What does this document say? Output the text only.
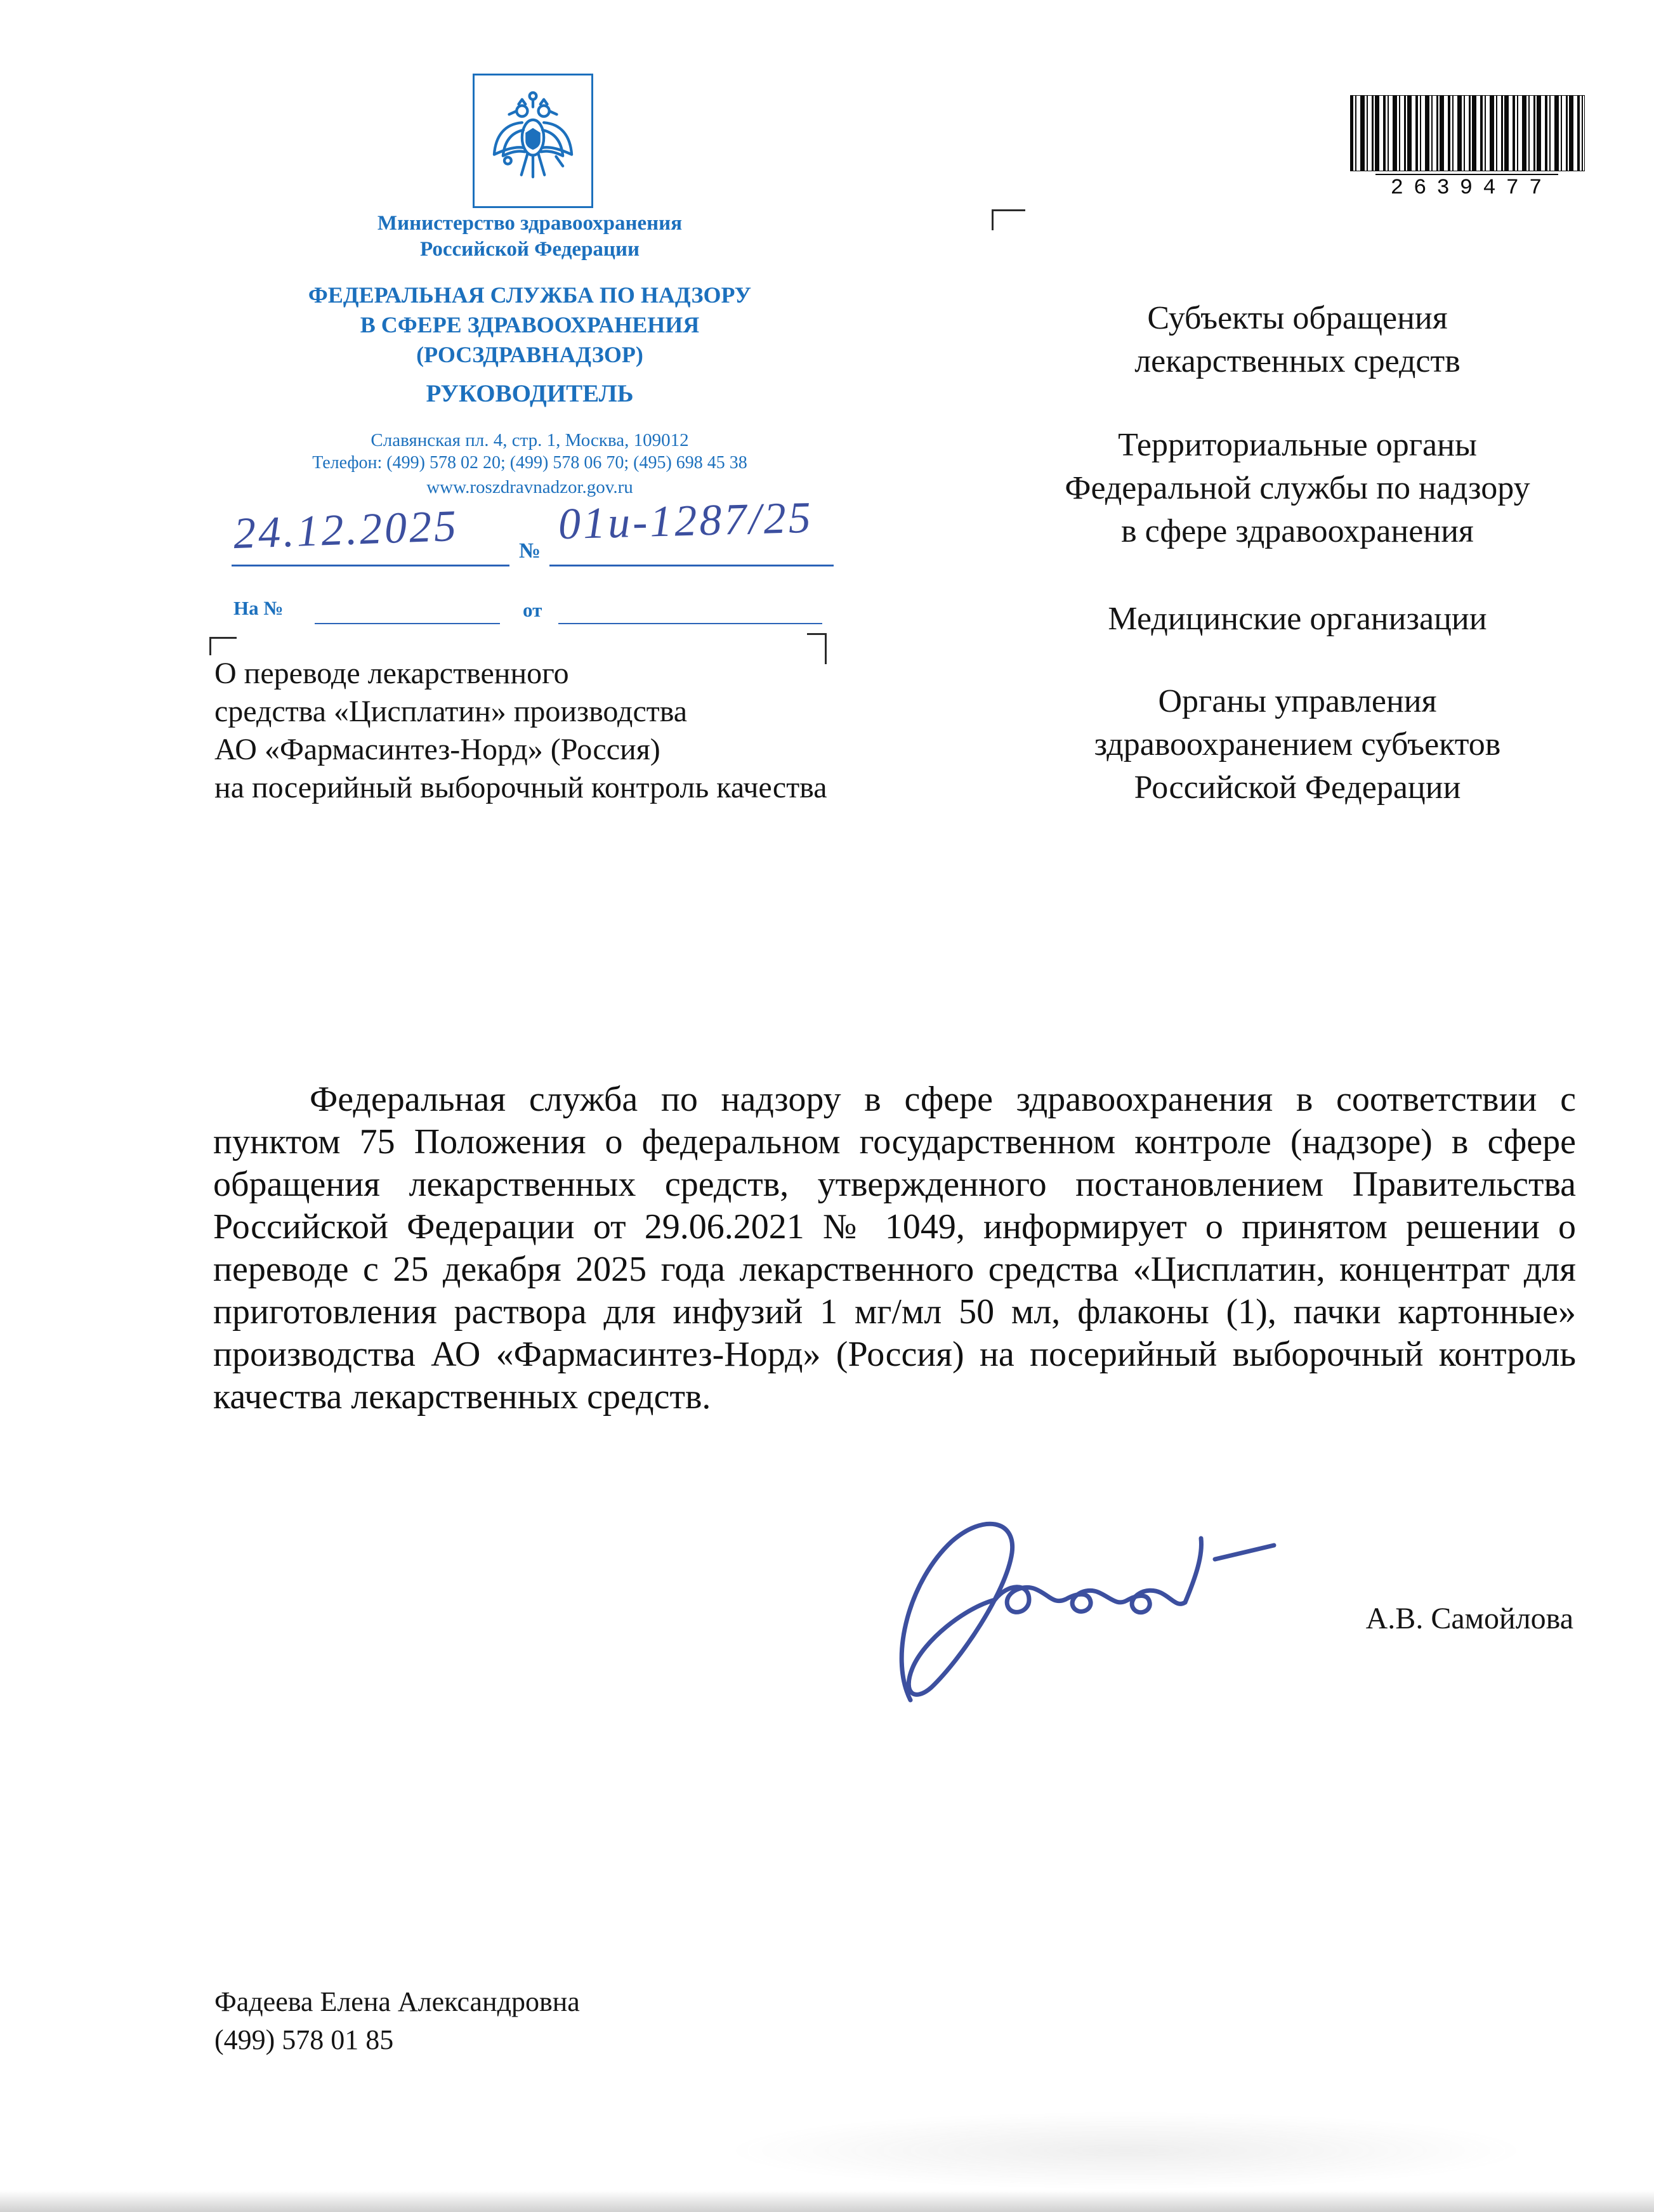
Министерство здравоохранения
Российской Федерации
ФЕДЕРАЛЬНАЯ СЛУЖБА ПО НАДЗОРУ
В СФЕРЕ ЗДРАВООХРАНЕНИЯ
(РОСЗДРАВНАДЗОР)
РУКОВОДИТЕЛЬ
Славянская пл. 4, стр. 1, Москва, 109012
Телефон: (499) 578 02 20; (499) 578 06 70; (495) 698 45 38
www.roszdravnadzor.gov.ru
24.12.2025	№
01и-1287/25
На №	от
О переводе лекарственного
средства «Цисплатин» производства
АО «Фармасинтез-Норд» (Россия)
на посерийный выборочный контроль качества
2639477
Субъекты обращения
лекарственных средств
Территориальные органы
Федеральной службы по надзору
в сфере здравоохранения
Медицинские организации
Органы управления
здравоохранением субъектов
Российской Федерации
Федеральная служба по надзору в сфере здравоохранения в соответствии с пунктом 75 Положения о федеральном государственном контроле (надзоре) в сфере обращения лекарственных средств, утвержденного постановлением Правительства Российской Федерации от 29.06.2021 № 1049, информирует о принятом решении о переводе с 25 декабря 2025 года лекарственного средства «Цисплатин, концентрат для приготовления раствора для инфузий 1 мг/мл 50 мл, флаконы (1), пачки картонные» производства АО «Фармасинтез-Норд» (Россия) на посерийный выборочный контроль качества лекарственных средств.
А.В. Самойлова
Фадеева Елена Александровна
(499) 578 01 85
